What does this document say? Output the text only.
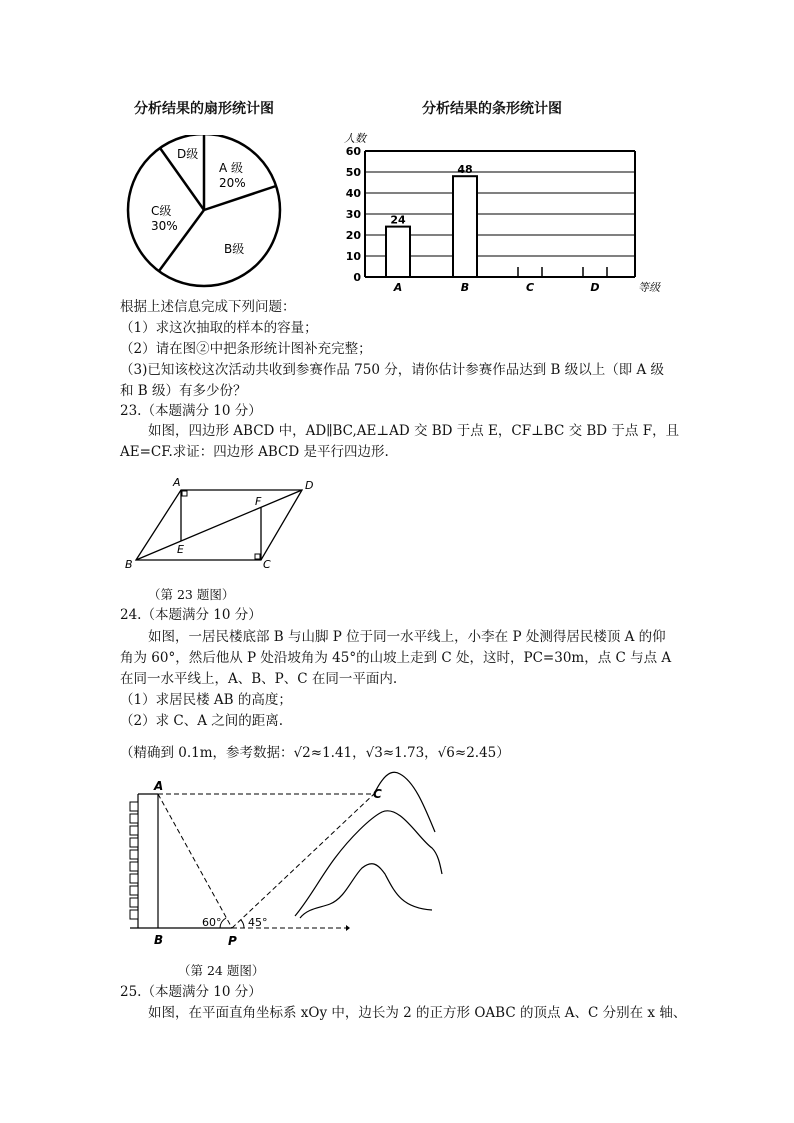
分析结果的扇形统计图	分析结果的条形统计图
D级
A 级
20%
C级
30%
B级
人数
等级
0
10
20
30
40
50
60
24
48
A	B	C	D
根据上述信息完成下列问题：
（1）求这次抽取的样本的容量；
（2）请在图②中把条形统计图补充完整；
（3)已知该校这次活动共收到参赛作品 750 分，请你估计参赛作品达到 B 级以上（即 A 级
和 B 级）有多少份？
23.（本题满分 10 分）
如图，四边形 ABCD 中，AD∥BC,AE⊥AD 交 BD 于点 E，CF⊥BC 交 BD 于点 F，且
AE=CF.求证：四边形 ABCD 是平行四边形.
A	D
B	C
E
F
（第 23 题图）
24.（本题满分 10 分）
如图，一居民楼底部 B 与山脚 P 位于同一水平线上，小李在 P 处测得居民楼顶 A 的仰
角为 60°，然后他从 P 处沿坡角为 45°的山坡上走到 C 处，这时，PC=30m，点 C 与点 A
在同一水平线上，A、B、P、C 在同一平面内.
（1）求居民楼 AB 的高度；
（2）求 C、A 之间的距离.
（精确到 0.1m，参考数据：√2≈1.41，√3≈1.73，√6≈2.45）
A
C
B	P
60° 45°
（第 24 题图）
25.（本题满分 10 分）
如图，在平面直角坐标系 xOy 中，边长为 2 的正方形 OABC 的顶点 A、C 分别在 x 轴、
